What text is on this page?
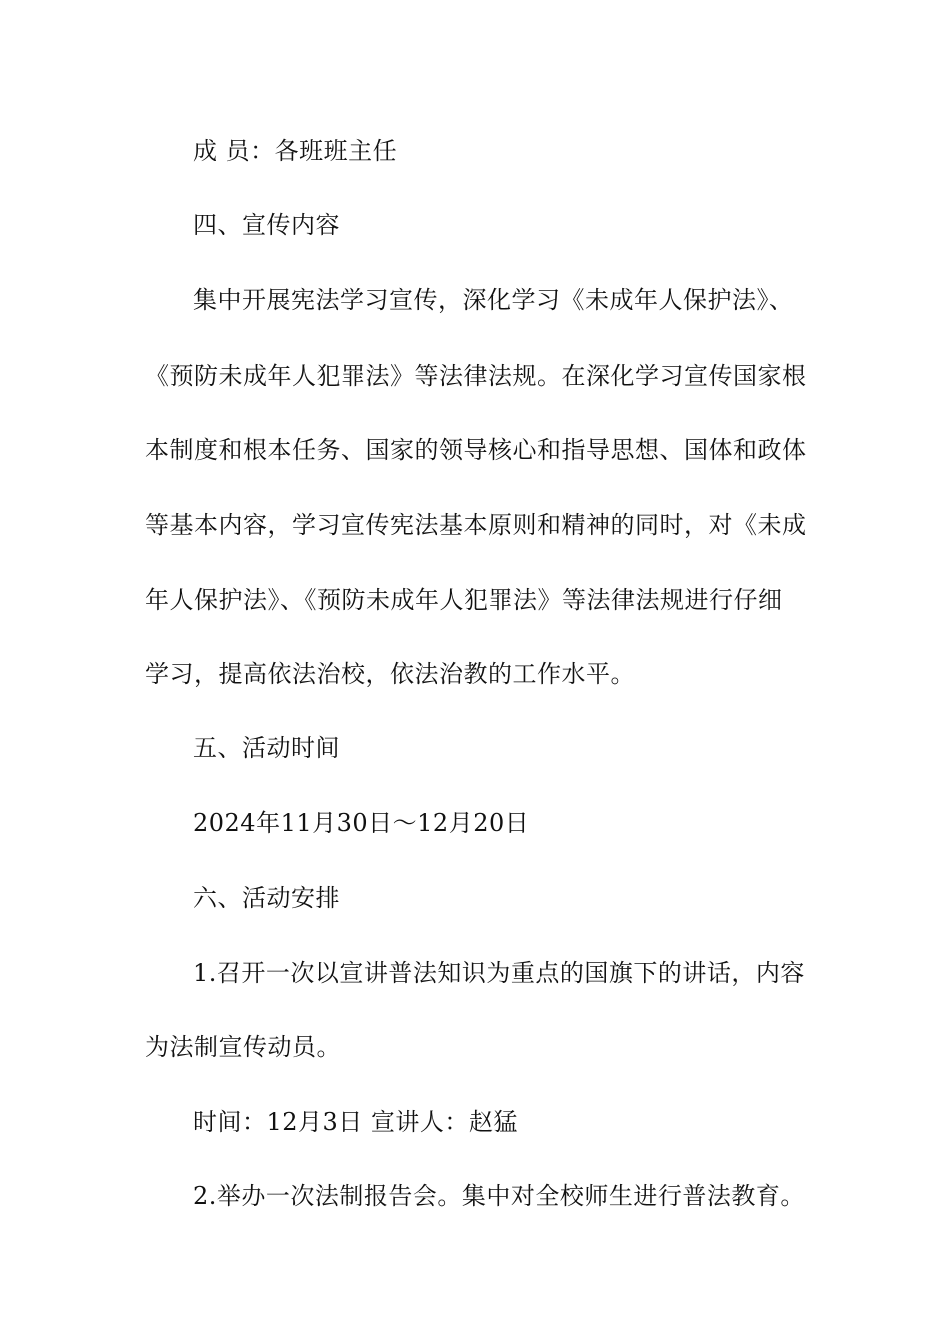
成 员：各班班主任
四、宣传内容
集中开展宪法学习宣传，深化学习《未成年人保护法》、
《预防未成年人犯罪法》等法律法规。在深化学习宣传国家根
本制度和根本任务、国家的领导核心和指导思想、国体和政体
等基本内容，学习宣传宪法基本原则和精神的同时，对《未成
年人保护法》、《预防未成年人犯罪法》等法律法规进行仔细
学习，提高依法治校，依法治教的工作水平。
五、活动时间
2024年11月30日～12月20日
六、活动安排
1.召开一次以宣讲普法知识为重点的国旗下的讲话，内容
为法制宣传动员。
时间：12月3日 宣讲人：赵猛
2.举办一次法制报告会。集中对全校师生进行普法教育。
